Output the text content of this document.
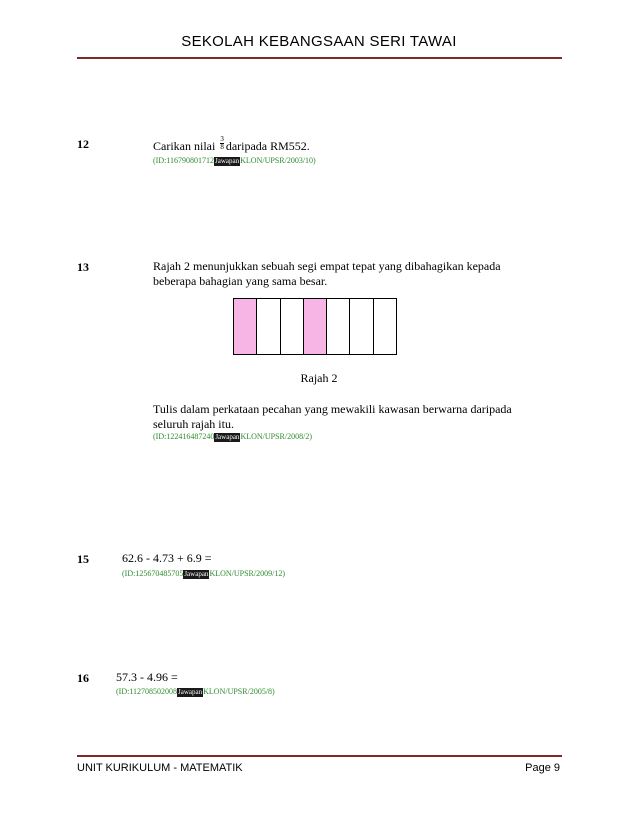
SEKOLAH KEBANGSAAN SERI TAWAI
12	Carikan nilai $\frac{3}{8}$ daripada RM552.
(ID:116790801712JawapanKLON/UPSR/2003/10)
13	Rajah 2 menunjukkan sebuah segi empat tepat yang dibahagikan kepada
beberapa bahagian yang sama besar.
Rajah 2
Tulis dalam perkataan pecahan yang mewakili kawasan berwarna daripada
seluruh rajah itu.
(ID:122416487240JawapanKLON/UPSR/2008/2)
15	62.6 - 4.73 + 6.9 =
(ID:125670485705JawapanKLON/UPSR/2009/12)
16 57.3 - 4.96 =
(ID:112708502008JawapanKLON/UPSR/2005/8)
UNIT KURIKULUM - MATEMATIK	Page 9
